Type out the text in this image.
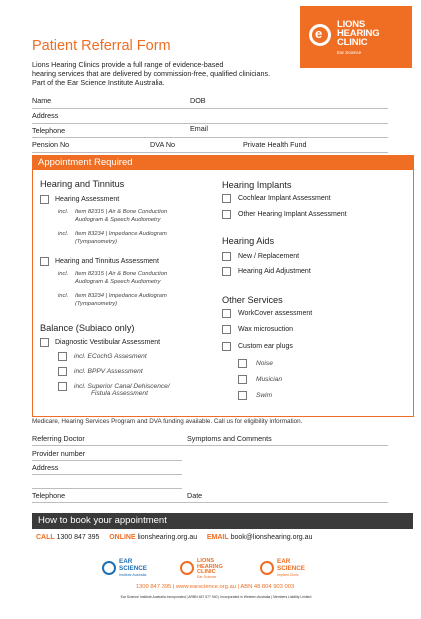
Patient Referral Form
e
LIONS
HEARING
CLINIC
Ear Science
Lions Hearing Clinics provide a full range of evidence-based
hearing services that are delivered by commission-free, qualified clinicians.
Part of the Ear Science Institute Australia.
Name	DOB
Address
Telephone	Email
Pension No	DVA No	Private Health Fund
Appointment Required
Hearing and Tinnitus
Hearing Assessment
incl. Item 82315 | Air & Bone Conduction
Audiogram & Speech Audiometry
incl. Item 83234 | Impedance Audiogram
(Tympanometry)
Hearing and Tinnitus Assessment
incl. Item 82315 | Air & Bone Conduction
Audiogram & Speech Audiometry
incl. Item 83234 | Impedance Audiogram
(Tympanometry)
Balance (Subiaco only)
Diagnostic Vestibular Assessment
incl. ECochG Assesment
incl. BPPV Assessment
incl. Superior Canal Dehiscence/
Fistula Assessment
Hearing Implants
Cochlear Implant Assessment
Other Hearing Implant Assessment
Hearing Aids
New / Replacement
Hearing Aid Adjustment
Other Services
WorkCover assessment
Wax microsuction
Custom ear plugs
Noise
Musician
Swim
Medicare, Hearing Services Program and DVA funding available. Call us for eligibility information.
Referring Doctor	Symptoms and Comments
Provider number
Address
Telephone	Date
How to book your appointment
CALL 1300 847 395 ONLINE lionshearing.org.au EMAIL book@lionshearing.org.au
EAR
SCIENCE
Institute Australia
LIONS
HEARING
CLINIC
Ear Science
EAR
SCIENCE
Implant Clinic
1300 847 395 | www.earscience.org.au | ABN 48 804 903 003
Ear Science Institute Australia Incorporated | ARBN 487 577 940 | Incorporated in Western Australia | Members Liability Limited
